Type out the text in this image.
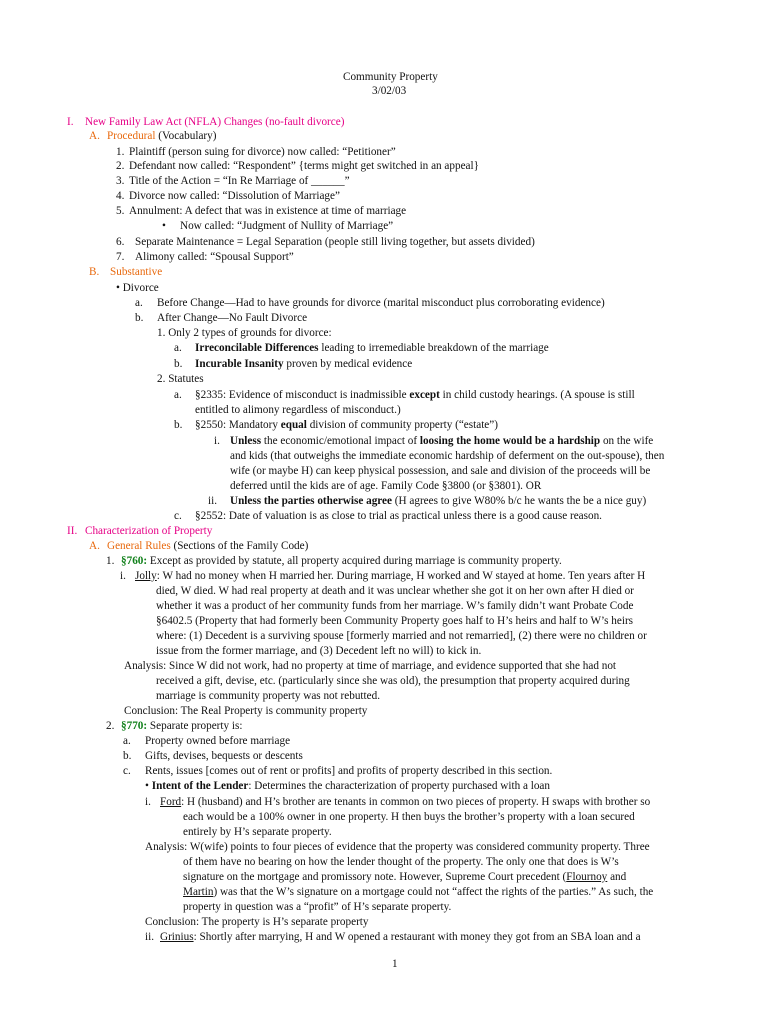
Community Property
3/02/03
I. New Family Law Act (NFLA) Changes (no-fault divorce)
A. Procedural (Vocabulary)
1. Plaintiff (person suing for divorce) now called: “Petitioner”
2. Defendant now called: “Respondent” {terms might get switched in an appeal}
3. Title of the Action = “In Re Marriage of ______”
4. Divorce now called: “Dissolution of Marriage”
5. Annulment: A defect that was in existence at time of marriage
• Now called: “Judgment of Nullity of Marriage”
6. Separate Maintenance = Legal Separation (people still living together, but assets divided)
7. Alimony called: “Spousal Support”
B. Substantive
• Divorce
a. Before Change—Had to have grounds for divorce (marital misconduct plus corroborating evidence)
b. After Change—No Fault Divorce
1. Only 2 types of grounds for divorce:
a. Irreconcilable Differences leading to irremediable breakdown of the marriage
b. Incurable Insanity proven by medical evidence
2. Statutes
a. §2335: Evidence of misconduct is inadmissible except in child custody hearings. (A spouse is still
entitled to alimony regardless of misconduct.)
b. §2550: Mandatory equal division of community property (“estate”)
i. Unless the economic/emotional impact of loosing the home would be a hardship on the wife
and kids (that outweighs the immediate economic hardship of deferment on the out-spouse), then
wife (or maybe H) can keep physical possession, and sale and division of the proceeds will be
deferred until the kids are of age. Family Code §3800 (or §3801). OR
ii. Unless the parties otherwise agree (H agrees to give W80% b/c he wants the be a nice guy)
c. §2552: Date of valuation is as close to trial as practical unless there is a good cause reason.
II. Characterization of Property
A. General Rules (Sections of the Family Code)
1. §760: Except as provided by statute, all property acquired during marriage is community property.
i. Jolly: W had no money when H married her. During marriage, H worked and W stayed at home. Ten years after H
died, W died. W had real property at death and it was unclear whether she got it on her own after H died or
whether it was a product of her community funds from her marriage. W’s family didn’t want Probate Code
§6402.5 (Property that had formerly been Community Property goes half to H’s heirs and half to W’s heirs
where: (1) Decedent is a surviving spouse [formerly married and not remarried], (2) there were no children or
issue from the former marriage, and (3) Decedent left no will) to kick in.
Analysis: Since W did not work, had no property at time of marriage, and evidence supported that she had not
received a gift, devise, etc. (particularly since she was old), the presumption that property acquired during
marriage is community property was not rebutted.
Conclusion: The Real Property is community property
2. §770: Separate property is:
a. Property owned before marriage
b. Gifts, devises, bequests or descents
c. Rents, issues [comes out of rent or profits] and profits of property described in this section.
• Intent of the Lender: Determines the characterization of property purchased with a loan
i. Ford: H (husband) and H’s brother are tenants in common on two pieces of property. H swaps with brother so
each would be a 100% owner in one property. H then buys the brother’s property with a loan secured
entirely by H’s separate property.
Analysis: W(wife) points to four pieces of evidence that the property was considered community property. Three
of them have no bearing on how the lender thought of the property. The only one that does is W’s
signature on the mortgage and promissory note. However, Supreme Court precedent (Flournoy and
Martin) was that the W’s signature on a mortgage could not “affect the rights of the parties.” As such, the
property in question was a “profit” of H’s separate property.
Conclusion: The property is H’s separate property
ii. Grinius: Shortly after marrying, H and W opened a restaurant with money they got from an SBA loan and a
1
